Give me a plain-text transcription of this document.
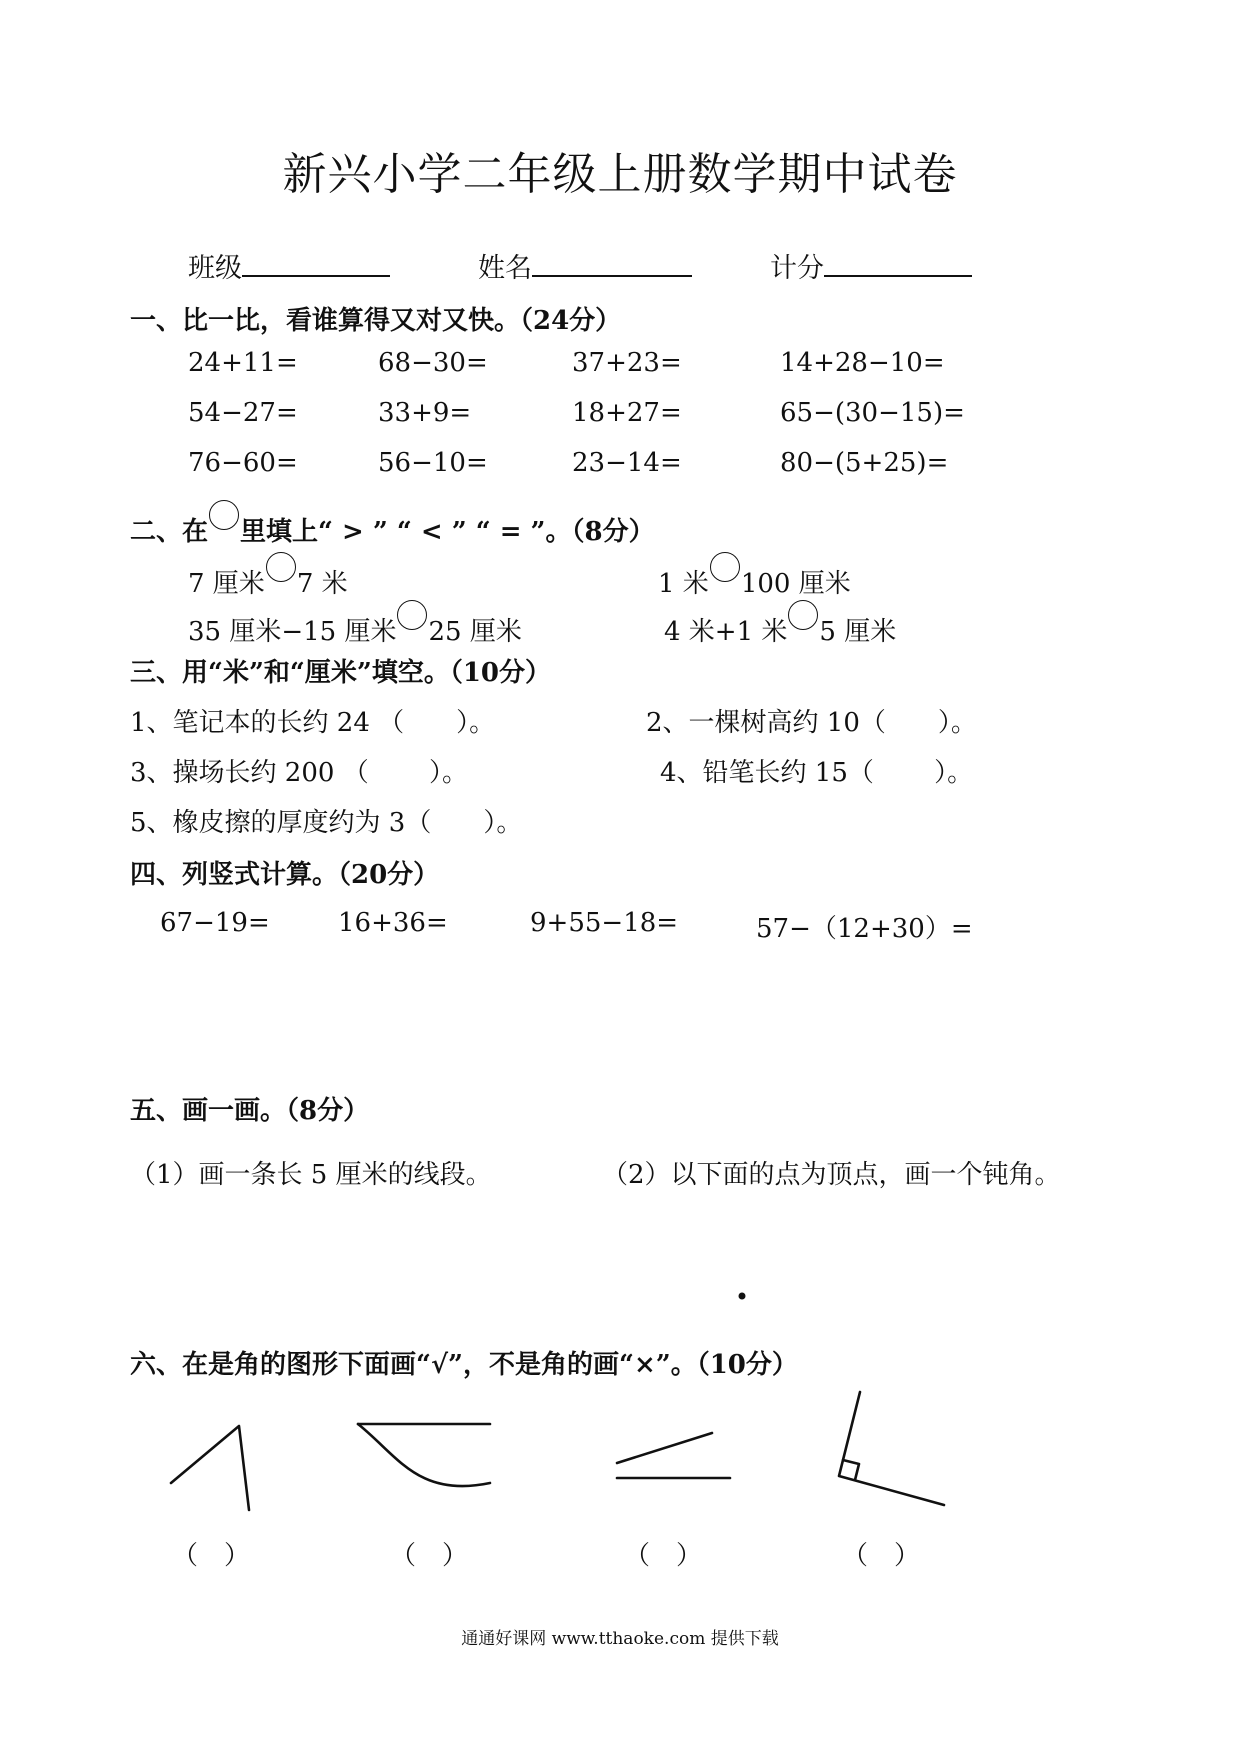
新兴小学二年级上册数学期中试卷
班级	姓名	计分
一、比一比，看谁算得又对又快。（24分）
24+11=	68−30=	37+23=	14+28−10=
54−27=	33+9=	18+27=	65−(30−15)=
76−60=	56−10=	23−14=	80−(5+25)=
二、在 里填上“ > ” “ < ” “ = ”。（8分）
7 厘米 7 米	1 米 100 厘米
35 厘米−15 厘米 25 厘米	4 米+1 米 5 厘米
三、用“米”和“厘米”填空。（10分）
1、笔记本的长约 24 （　　）。	2、一棵树高约 10（　　）。
3、操场长约 200 （　　 ）。	4、铅笔长约 15（　　 ）。
5、橡皮擦的厚度约为 3（　　）。
四、列竖式计算。（20分）
67−19=	16+36=	9+55−18=	57−（12+30）=
五、画一画。（8分）
（1）画一条长 5 厘米的线段。	（2）以下面的点为顶点，画一个钝角。
六、在是角的图形下面画“√”，不是角的画“×”。（10分）
（　）	（　）	（　）	（　）
通通好课网 www.tthaoke.com 提供下载
